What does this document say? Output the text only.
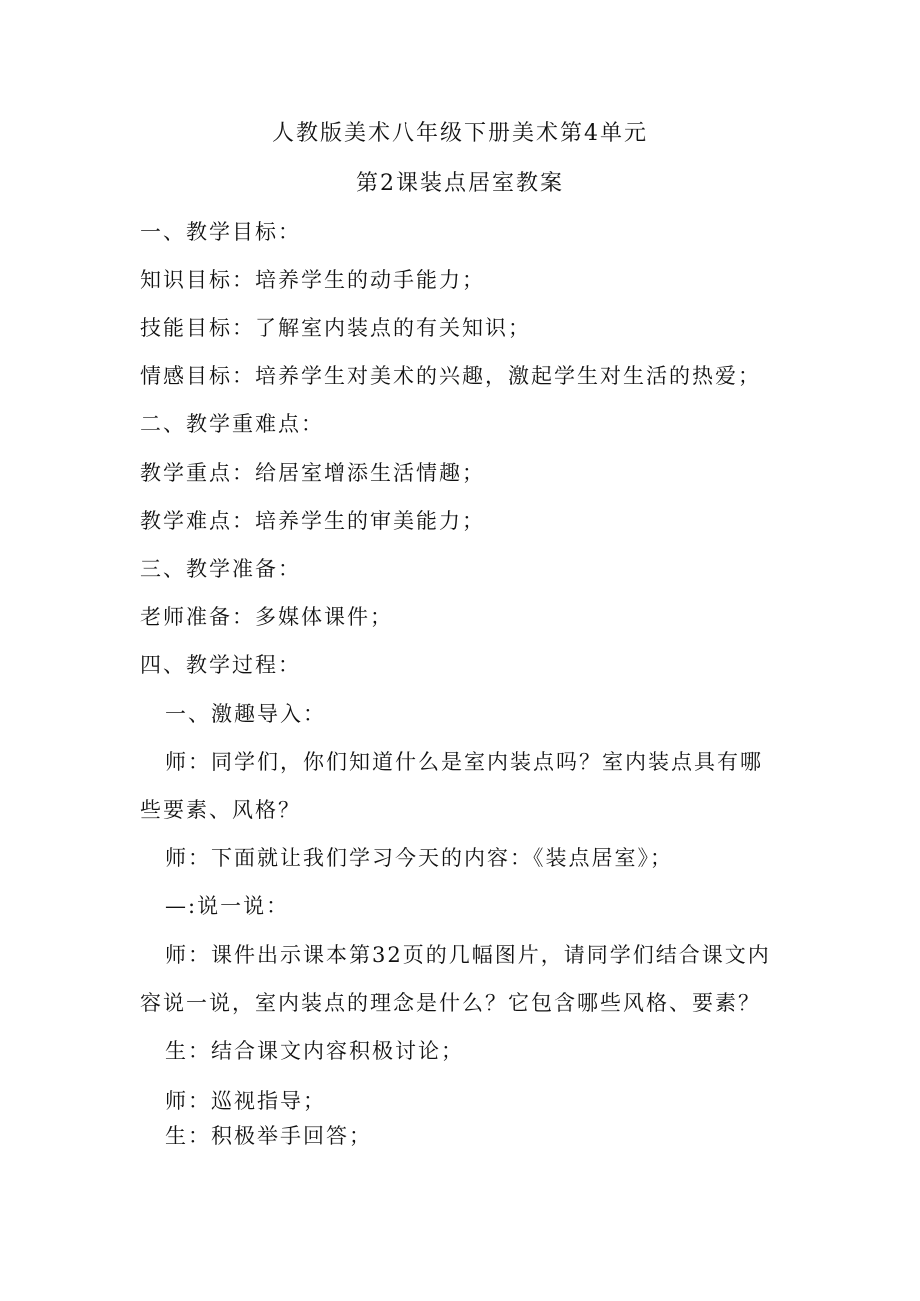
人教版美术八年级下册美术第4单元
第2课装点居室教案
一、教学目标：
知识目标：培养学生的动手能力；
技能目标：了解室内装点的有关知识；
情感目标：培养学生对美术的兴趣，激起学生对生活的热爱；
二、教学重难点：
教学重点：给居室增添生活情趣；
教学难点：培养学生的审美能力；
三、教学准备：
老师准备：多媒体课件；
四、教学过程：
一、激趣导入：
师：同学们，你们知道什么是室内装点吗？室内装点具有哪
些要素、风格？
师：下面就让我们学习今天的内容：《装点居室》；
—:说一说：
师：课件出示课本第32页的几幅图片，请同学们结合课文内
容说一说，室内装点的理念是什么？它包含哪些风格、要素？
生：结合课文内容积极讨论；
师：巡视指导；
生：积极举手回答；
